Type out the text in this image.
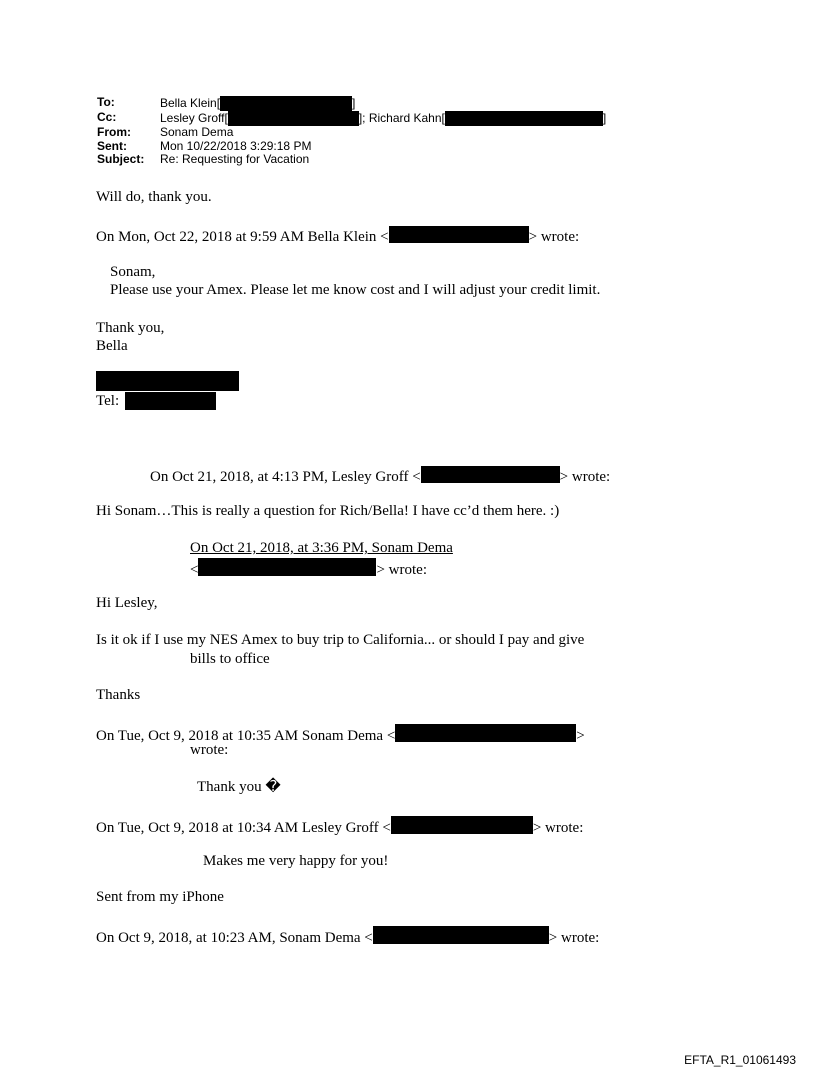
To:	Bella Klein[	]
Cc:	Lesley Groff[	]; Richard Kahn[	]
From:	Sonam Dema
Sent:	Mon 10/22/2018 3:29:18 PM
Subject:	Re: Requesting for Vacation
Will do, thank you.
On Mon, Oct 22, 2018 at 9:59 AM Bella Klein <	> wrote:
Sonam,
Please use your Amex. Please let me know cost and I will adjust your credit limit.
Thank you,
Bella
Tel:
On Oct 21, 2018, at 4:13 PM, Lesley Groff <	> wrote:
Hi Sonam…This is really a question for Rich/Bella! I have cc’d them here. :)
On Oct 21, 2018, at 3:36 PM, Sonam Dema
<	> wrote:
Hi Lesley,
Is it ok if I use my NES Amex to buy trip to California... or should I pay and give
bills to office
Thanks
On Tue, Oct 9, 2018 at 10:35 AM Sonam Dema <	>
wrote:
Thank you �
On Tue, Oct 9, 2018 at 10:34 AM Lesley Groff <	> wrote:
Makes me very happy for you!
Sent from my iPhone
On Oct 9, 2018, at 10:23 AM, Sonam Dema <	> wrote:
EFTA_R1_01061493
